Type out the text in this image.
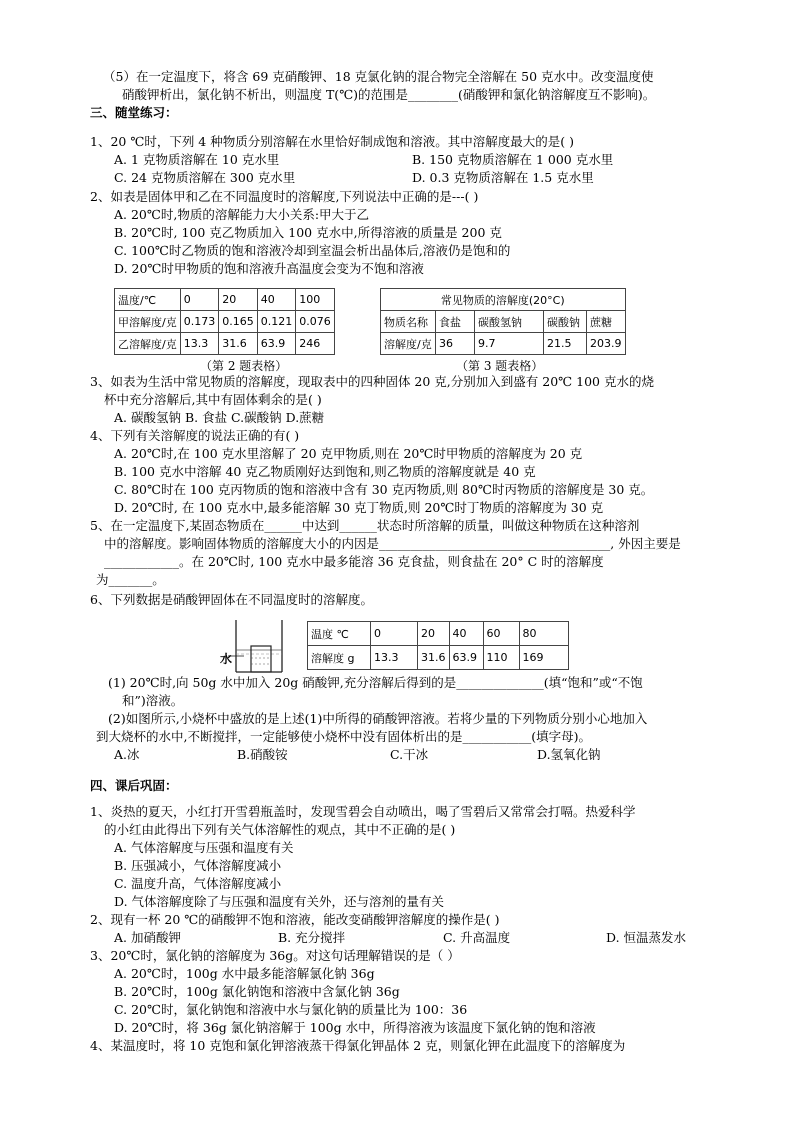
（5）在一定温度下，将含 69 克硝酸钾、18 克氯化钠的混合物完全溶解在 50 克水中。改变温度使
硝酸钾析出，氯化钠不析出，则温度 T(℃)的范围是________(硝酸钾和氯化钠溶解度互不影响)。
三、随堂练习：
1、20 ℃时，下列 4 种物质分别溶解在水里恰好制成饱和溶液。其中溶解度最大的是( )
A. 1 克物质溶解在 10 克水里	B. 150 克物质溶解在 1 000 克水里
C. 24 克物质溶解在 300 克水里	D. 0.3 克物质溶解在 1.5 克水里
2、如表是固体甲和乙在不同温度时的溶解度,下列说法中正确的是---( )
A. 20℃时,物质的溶解能力大小关系:甲大于乙
B. 20℃时, 100 克乙物质加入 100 克水中,所得溶液的质量是 200 克
C. 100℃时乙物质的饱和溶液冷却到室温会析出晶体后,溶液仍是饱和的
D. 20℃时甲物质的饱和溶液升高温度会变为不饱和溶液
3、如表为生活中常见物质的溶解度，现取表中的四种固体 20 克,分别加入到盛有 20℃ 100 克水的烧
杯中充分溶解后,其中有固体剩余的是( )
A. 碳酸氢钠 B. 食盐 C.碳酸钠 D.蔗糖
4、下列有关溶解度的说法正确的有( )
A. 20℃时,在 100 克水里溶解了 20 克甲物质,则在 20℃时甲物质的溶解度为 20 克
B. 100 克水中溶解 40 克乙物质刚好达到饱和,则乙物质的溶解度就是 40 克
C. 80℃时在 100 克丙物质的饱和溶液中含有 30 克丙物质,则 80℃时丙物质的溶解度是 30 克。
D. 20℃时, 在 100 克水中,最多能溶解 30 克丁物质,则 20℃时丁物质的溶解度为 30 克
5、在一定温度下,某固态物质在______中达到______状态时所溶解的质量，叫做这种物质在这种溶剂
中的溶解度。影响固体物质的溶解度大小的内因是_____________________________________, 外因主要是
____________。在 20℃时, 100 克水中最多能溶 36 克食盐，则食盐在 20° C 时的溶解度
为_______。
6、下列数据是硝酸钾固体在不同温度时的溶解度。
(1) 20℃时,向 50g 水中加入 20g 硝酸钾,充分溶解后得到的是______________(填“饱和”或“不饱
和”)溶液。
(2)如图所示,小烧杯中盛放的是上述(1)中所得的硝酸钾溶液。若将少量的下列物质分别小心地加入
到大烧杯的水中,不断搅拌，一定能够使小烧杯中没有固体析出的是___________(填字母)。
A.冰	B.硝酸铵	C.干冰	D.氢氧化钠
四、课后巩固：
1、炎热的夏天，小红打开雪碧瓶盖时，发现雪碧会自动喷出，喝了雪碧后又常常会打嗝。热爱科学
的小红由此得出下列有关气体溶解性的观点，其中不正确的是( )
A. 气体溶解度与压强和温度有关
B. 压强减小，气体溶解度减小
C. 温度升高，气体溶解度减小
D. 气体溶解度除了与压强和温度有关外，还与溶剂的量有关
2、现有一杯 20 ℃的硝酸钾不饱和溶液，能改变硝酸钾溶解度的操作是( )
A. 加硝酸钾	B. 充分搅拌	C. 升高温度	D. 恒温蒸发水
3、20℃时，氯化钠的溶解度为 36g。对这句话理解错误的是（ ）
A. 20℃时，100g 水中最多能溶解氯化钠 36g
B. 20℃时，100g 氯化钠饱和溶液中含氯化钠 36g
C. 20℃时，氯化钠饱和溶液中水与氯化钠的质量比为 100：36
D. 20℃时，将 36g 氯化钠溶解于 100g 水中，所得溶液为该温度下氯化钠的饱和溶液
4、某温度时，将 10 克饱和氯化钾溶液蒸干得氯化钾晶体 2 克，则氯化钾在此温度下的溶解度为
温度/℃	0	20	40	100
甲溶解度/克	0.173	0.165	0.121	0.076
乙溶解度/克	13.3	31.6	63.9	246
（第 2 题表格）
常见物质的溶解度(20°C)				
物质名称	食盐	碳酸氢钠	碳酸钠	蔗糖
溶解度/克	36	9.7	21.5	203.9
（第 3 题表格）
水
温度 ℃	0	20	40	60	80
溶解度 g	13.3	31.6	63.9	110	169
